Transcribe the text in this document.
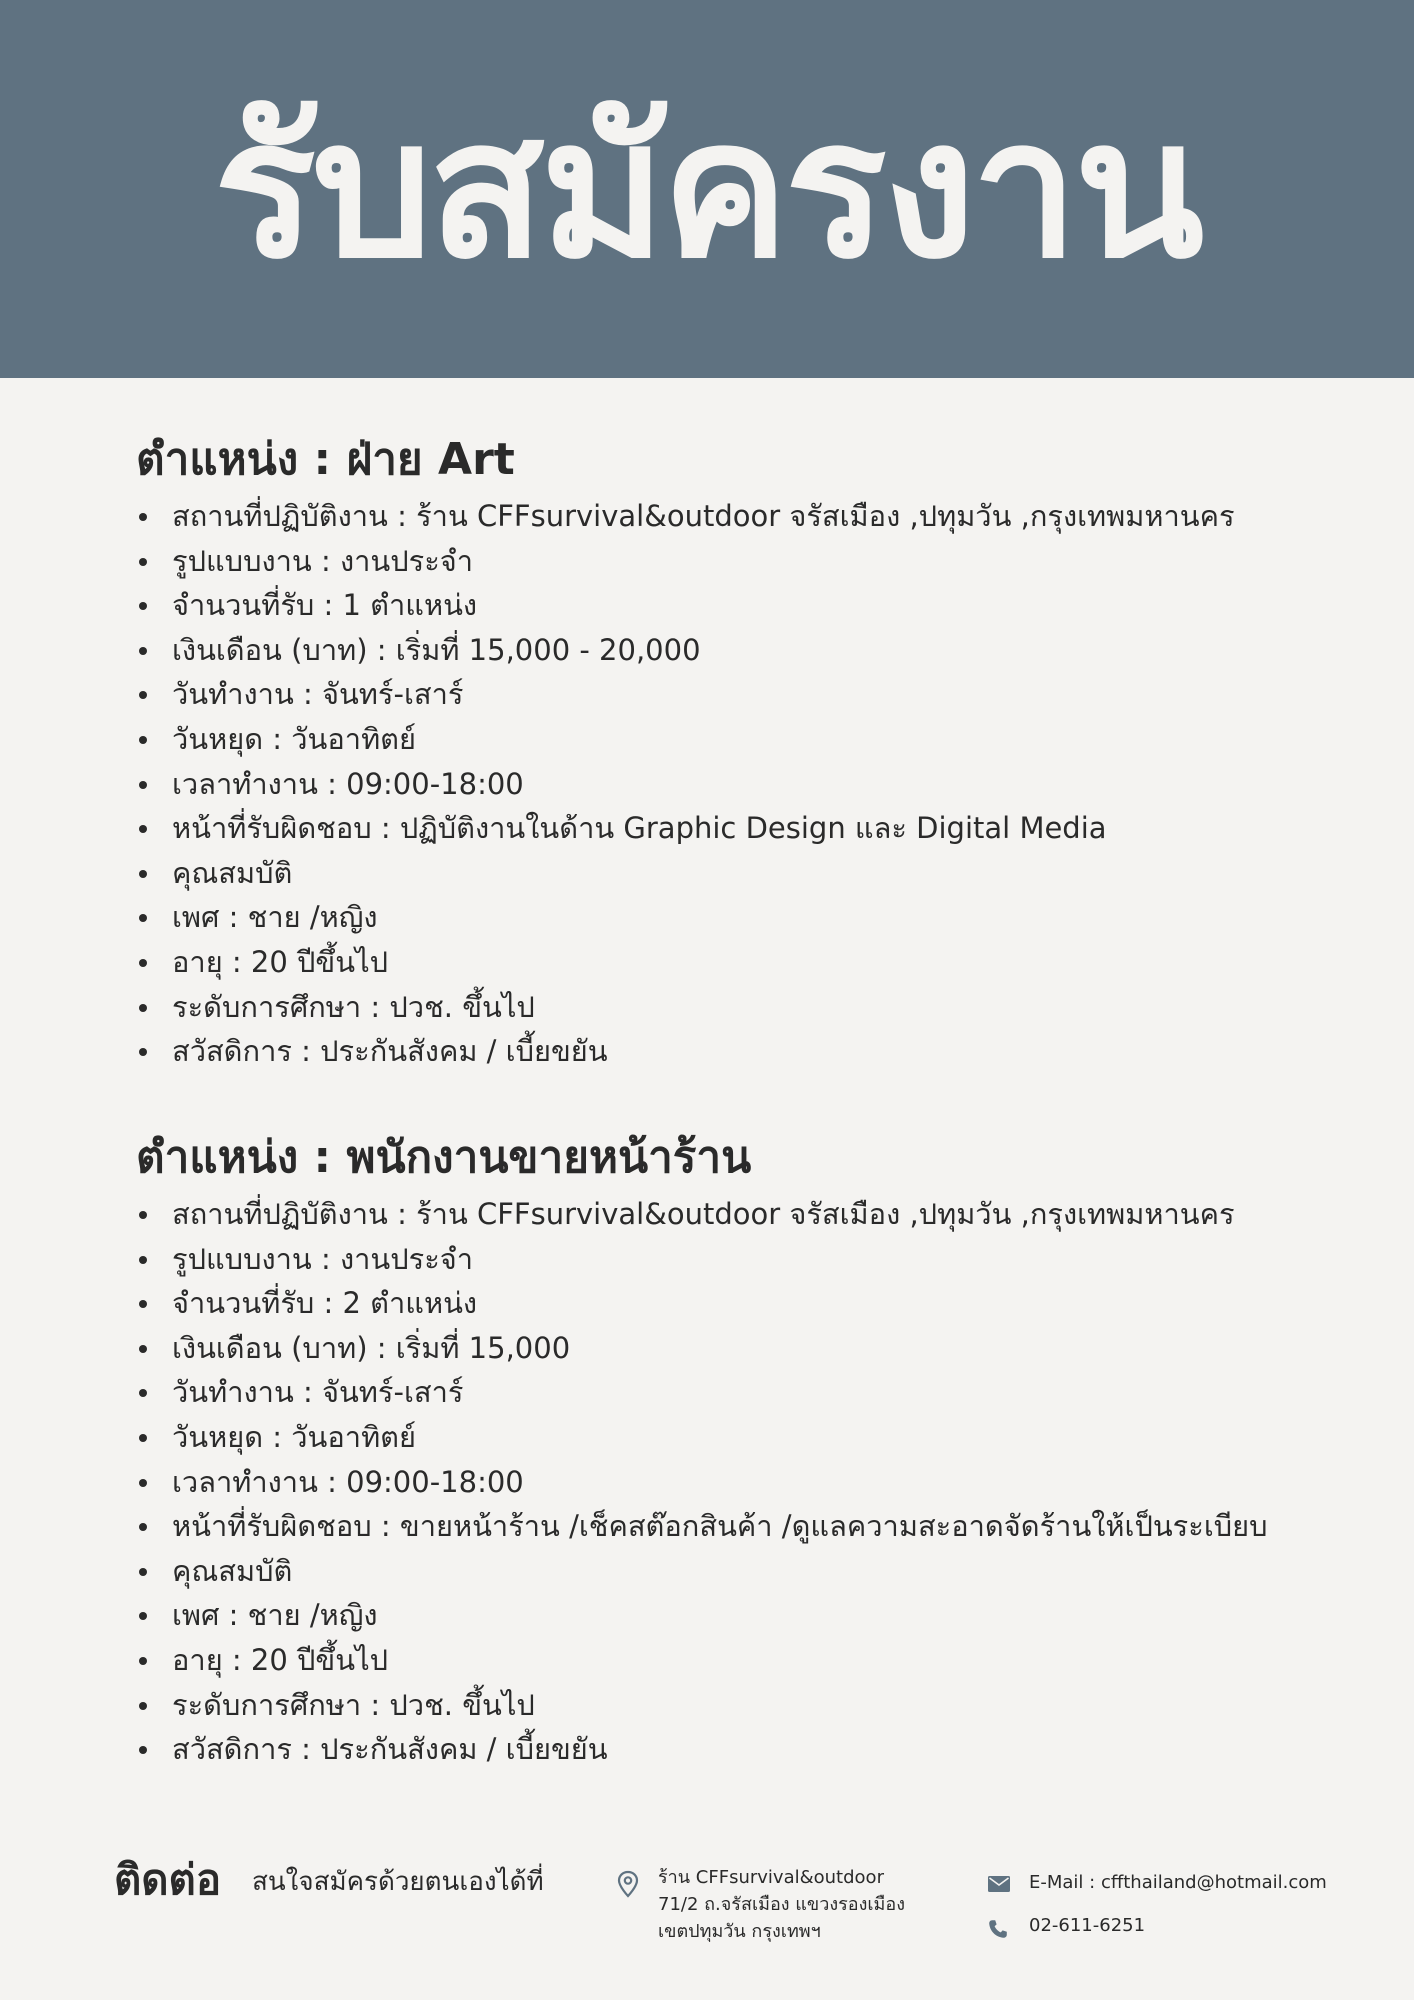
รับสมัครงาน
ตำแหน่ง : ฝ่าย Art
สถานที่ปฏิบัติงาน : ร้าน CFFsurvival&outdoor จรัสเมือง ,ปทุมวัน ,กรุงเทพมหานคร
รูปแบบงาน : งานประจำ
จำนวนที่รับ : 1 ตำแหน่ง
เงินเดือน (บาท) : เริ่มที่ 15,000 - 20,000
วันทำงาน : จันทร์-เสาร์
วันหยุด : วันอาทิตย์
เวลาทำงาน : 09:00-18:00
หน้าที่รับผิดชอบ : ปฏิบัติงานในด้าน Graphic Design และ Digital Media
คุณสมบัติ
เพศ : ชาย /หญิง
อายุ : 20 ปีขึ้นไป
ระดับการศึกษา : ปวช. ขึ้นไป
สวัสดิการ : ประกันสังคม / เบี้ยขยัน
ตำแหน่ง : พนักงานขายหน้าร้าน
สถานที่ปฏิบัติงาน : ร้าน CFFsurvival&outdoor จรัสเมือง ,ปทุมวัน ,กรุงเทพมหานคร
รูปแบบงาน : งานประจำ
จำนวนที่รับ : 2 ตำแหน่ง
เงินเดือน (บาท) : เริ่มที่ 15,000
วันทำงาน : จันทร์-เสาร์
วันหยุด : วันอาทิตย์
เวลาทำงาน : 09:00-18:00
หน้าที่รับผิดชอบ : ขายหน้าร้าน /เช็คสต๊อกสินค้า /ดูแลความสะอาดจัดร้านให้เป็นระเบียบ
คุณสมบัติ
เพศ : ชาย /หญิง
อายุ : 20 ปีขึ้นไป
ระดับการศึกษา : ปวช. ขึ้นไป
สวัสดิการ : ประกันสังคม / เบี้ยขยัน
ติดต่อ สนใจสมัครด้วยตนเองได้ที่	ร้าน CFFsurvival&outdoor
71/2 ถ.จรัสเมือง แขวงรองเมือง
เขตปทุมวัน กรุงเทพฯ
E-Mail : cffthailand@hotmail.com
02-611-6251
